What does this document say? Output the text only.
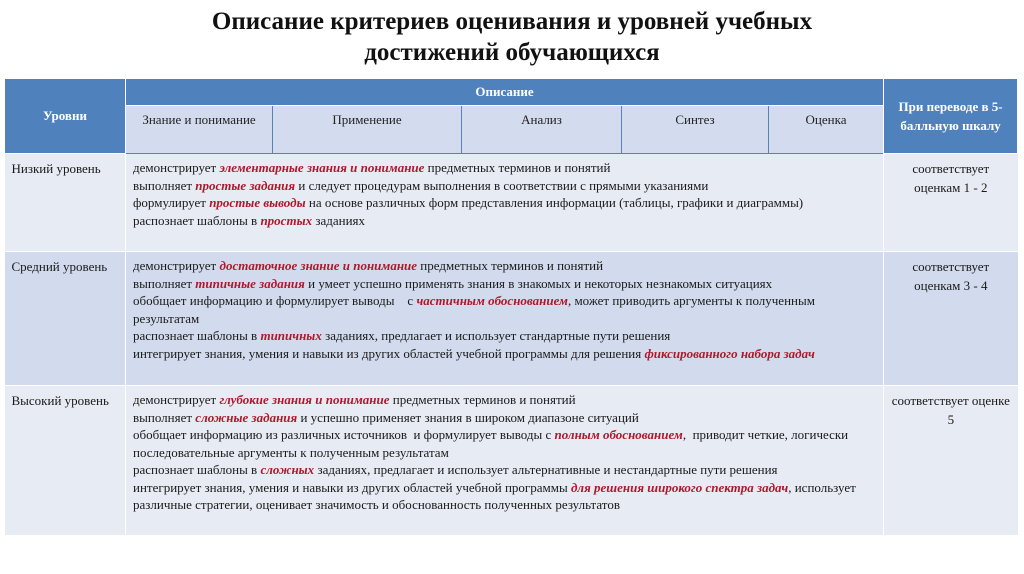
Описание критериев оценивания и уровней учебных
достижений обучающихся
Уровни	Описание					При переводе в 5-балльную шкалу
	Знание и понимание	Применение	Анализ	Синтез	Оценка	
Низкий уровень	демонстрирует элементарные знания и понимание предметных терминов и понятий
выполняет простые задания и следует процедурам выполнения в соответствии с прямыми указаниями
формулирует простые выводы на основе различных форм представления информации (таблицы, графики и диаграммы)
распознает шаблоны в простых заданиях					соответствует оценкам 1 - 2
Средний уровень	демонстрирует достаточное знание и понимание предметных терминов и понятий
выполняет типичные задания и умеет успешно применять знания в знакомых и некоторых незнакомых ситуациях
обобщает информацию и формулирует выводы    с частичным обоснованием, может приводить аргументы к полученным результатам
распознает шаблоны в типичных заданиях, предлагает и использует стандартные пути решения
интегрирует знания, умения и навыки из других областей учебной программы для решения фиксированного набора задач					соответствует оценкам 3 - 4
Высокий уровень	демонстрирует глубокие знания и понимание предметных терминов и понятий
выполняет сложные задания и успешно применяет знания в широком диапазоне ситуаций
обобщает информацию из различных источников  и формулирует выводы с полным обоснованием,  приводит четкие, логически последовательные аргументы к полученным результатам
распознает шаблоны в сложных заданиях, предлагает и использует альтернативные и нестандартные пути решения
интегрирует знания, умения и навыки из других областей учебной программы для решения широкого спектра задач, использует различные стратегии, оценивает значимость и обоснованность полученных результатов					соответствует оценке 5
